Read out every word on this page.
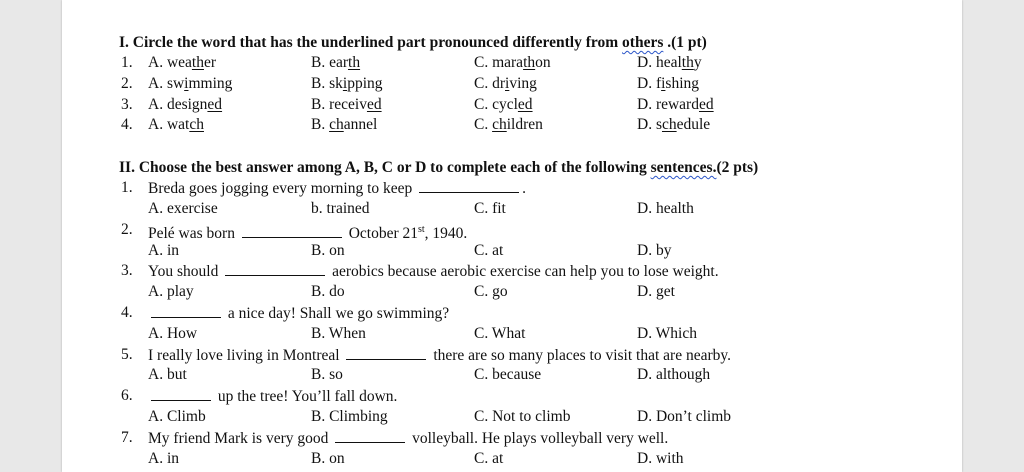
I. Circle the word that has the underlined part pronounced differently from others .(1 pt)
1. A. weather	B. earth	C. marathon	D. healthy
2. A. swimming	B. skipping	C. driving	D. fishing
3. A. designed	B. received	C. cycled	D. rewarded
4. A. watch	B. channel	C. children	D. schedule
II. Choose the best answer among A, B, C or D to complete each of the following sentences.(2 pts)
1. Breda goes jogging every morning to keep	.
A. exercise	b. trained	C. fit	D. health
2. Pelé was born	October 21st, 1940.
A. in	B. on	C. at	D. by
3. You should	aerobics because aerobic exercise can help you to lose weight.
A. play	B. do	C. go	D. get
4.	a nice day! Shall we go swimming?
A. How	B. When	C. What	D. Which
5. I really love living in Montreal	there are so many places to visit that are nearby.
A. but	B. so	C. because	D. although
6.	up the tree! You’ll fall down.
A. Climb	B. Climbing	C. Not to climb	D. Don’t climb
7. My friend Mark is very good	volleyball. He plays volleyball very well.
A. in	B. on	C. at	D. with
